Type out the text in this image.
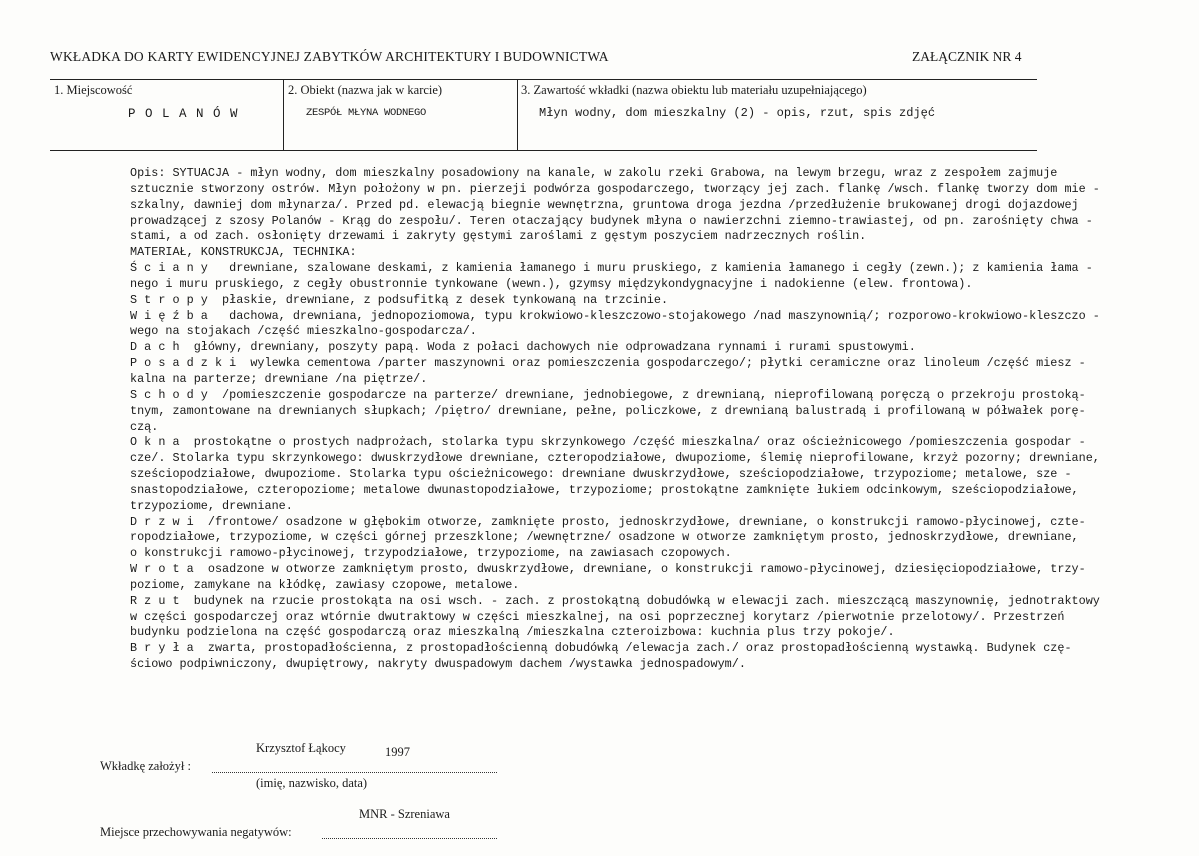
WKŁADKA DO KARTY EWIDENCYJNEJ ZABYTKÓW ARCHITEKTURY I BUDOWNICTWA	ZAŁĄCZNIK NR 4
1. Miejscowość
P O L A N Ó W
2. Obiekt (nazwa jak w karcie)
ZESPÓŁ MŁYNA WODNEGO
3. Zawartość wkładki (nazwa obiektu lub materiału uzupełniającego)
Młyn wodny, dom mieszkalny (2) - opis, rzut, spis zdjęć
Opis: SYTUACJA - młyn wodny, dom mieszkalny posadowiony na kanale, w zakolu rzeki Grabowa, na lewym brzegu, wraz z zespołem zajmuje
sztucznie stworzony ostrów. Młyn położony w pn. pierzeji podwórza gospodarczego, tworzący jej zach. flankę /wsch. flankę tworzy dom mie -
szkalny, dawniej dom młynarza/. Przed pd. elewacją biegnie wewnętrzna, gruntowa droga jezdna /przedłużenie brukowanej drogi dojazdowej
prowadzącej z szosy Polanów - Krąg do zespołu/. Teren otaczający budynek młyna o nawierzchni ziemno-trawiastej, od pn. zarośnięty chwa -
stami, a od zach. osłonięty drzewami i zakryty gęstymi zaroślami z gęstym poszyciem nadrzecznych roślin.
MATERIAŁ, KONSTRUKCJA, TECHNIKA:
Ś c i a n y   drewniane, szalowane deskami, z kamienia łamanego i muru pruskiego, z kamienia łamanego i cegły (zewn.); z kamienia łama -
nego i muru pruskiego, z cegły obustronnie tynkowane (wewn.), gzymsy międzykondygnacyjne i nadokienne (elew. frontowa).
S t r o p y  płaskie, drewniane, z podsufitką z desek tynkowaną na trzcinie.
W i ę ź b a   dachowa, drewniana, jednopoziomowa, typu krokwiowo-kleszczowo-stojakowego /nad maszynownią/; rozporowo-krokwiowo-kleszczo -
wego na stojakach /część mieszkalno-gospodarcza/.
D a c h  główny, drewniany, poszyty papą. Woda z połaci dachowych nie odprowadzana rynnami i rurami spustowymi.
P o s a d z k i  wylewka cementowa /parter maszynowni oraz pomieszczenia gospodarczego/; płytki ceramiczne oraz linoleum /część miesz -
kalna na parterze; drewniane /na piętrze/.
S c h o d y  /pomieszczenie gospodarcze na parterze/ drewniane, jednobiegowe, z drewnianą, nieprofilowaną poręczą o przekroju prostoką-
tnym, zamontowane na drewnianych słupkach; /piętro/ drewniane, pełne, policzkowe, z drewnianą balustradą i profilowaną w półwałek porę-
czą.
O k n a  prostokątne o prostych nadprożach, stolarka typu skrzynkowego /część mieszkalna/ oraz ościeżnicowego /pomieszczenia gospodar -
cze/. Stolarka typu skrzynkowego: dwuskrzydłowe drewniane, czteropodziałowe, dwupoziome, ślemię nieprofilowane, krzyż pozorny; drewniane,
sześciopodziałowe, dwupoziome. Stolarka typu ościeżnicowego: drewniane dwuskrzydłowe, sześciopodziałowe, trzypoziome; metalowe, sze -
snastopodziałowe, czteropoziome; metalowe dwunastopodziałowe, trzypoziome; prostokątne zamknięte łukiem odcinkowym, sześciopodziałowe,
trzypoziome, drewniane.
D r z w i  /frontowe/ osadzone w głębokim otworze, zamknięte prosto, jednoskrzydłowe, drewniane, o konstrukcji ramowo-płycinowej, czte-
ropodziałowe, trzypoziome, w części górnej przeszklone; /wewnętrzne/ osadzone w otworze zamkniętym prosto, jednoskrzydłowe, drewniane,
o konstrukcji ramowo-płycinowej, trzypodziałowe, trzypoziome, na zawiasach czopowych.
W r o t a  osadzone w otworze zamkniętym prosto, dwuskrzydłowe, drewniane, o konstrukcji ramowo-płycinowej, dziesięciopodziałowe, trzy-
poziome, zamykane na kłódkę, zawiasy czopowe, metalowe.
R z u t  budynek na rzucie prostokąta na osi wsch. - zach. z prostokątną dobudówką w elewacji zach. mieszczącą maszynownię, jednotraktowy
w części gospodarczej oraz wtórnie dwutraktowy w części mieszkalnej, na osi poprzecznej korytarz /pierwotnie przelotowy/. Przestrzeń
budynku podzielona na część gospodarczą oraz mieszkalną /mieszkalna czteroizbowa: kuchnia plus trzy pokoje/.
B r y ł a  zwarta, prostopadłościenna, z prostopadłościenną dobudówką /elewacja zach./ oraz prostopadłościenną wystawką. Budynek czę-
ściowo podpiwniczony, dwupiętrowy, nakryty dwuspadowym dachem /wystawka jednospadowym/.
Krzysztof Łąkocy	1997
Wkładkę założył :
(imię, nazwisko, data)
MNR - Szreniawa
Miejsce przechowywania negatywów:
